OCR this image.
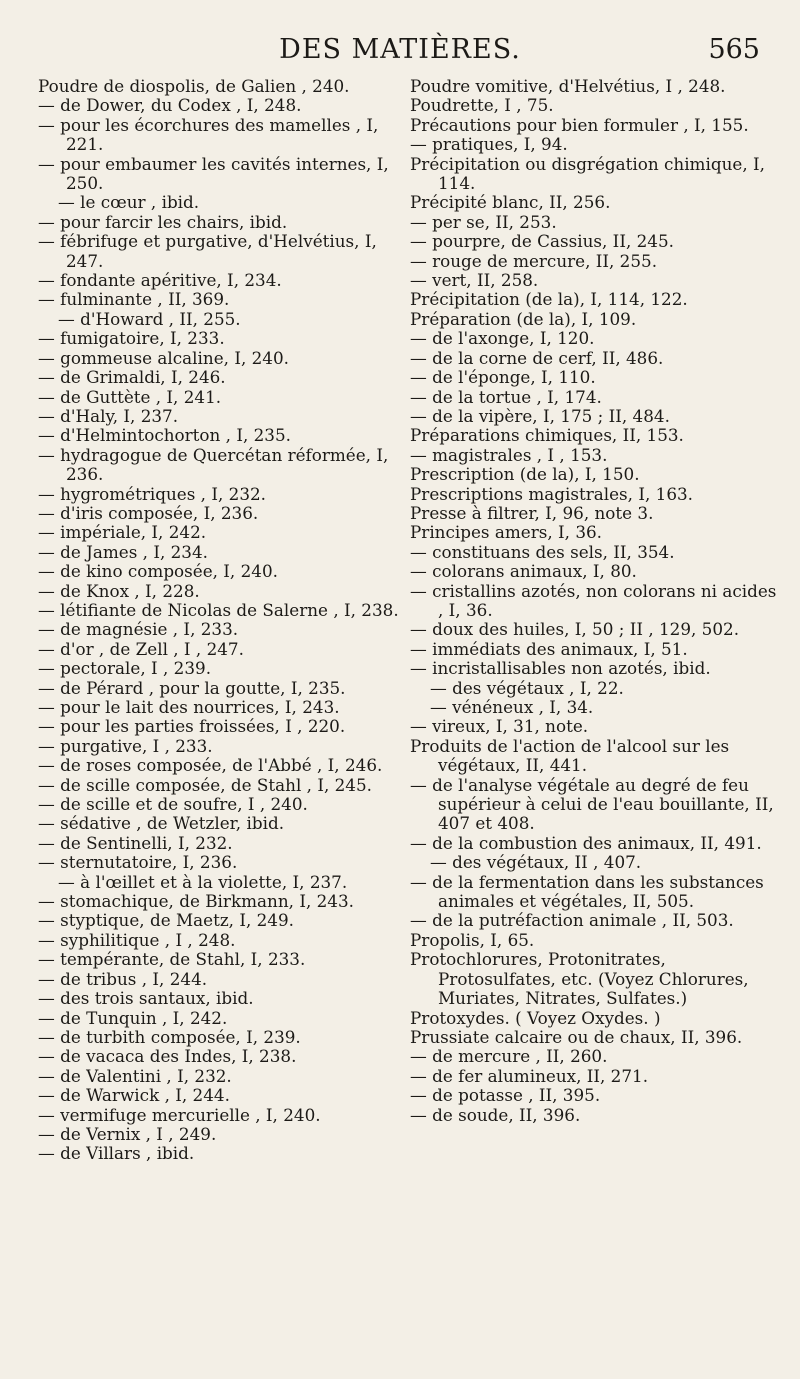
DES MATIÈRES.	565

Poudre de diospolis, de Galien , 240.

— de Dower, du Codex , I, 248.

— pour les écorchures des mamelles , I, 221.

— pour embaumer les cavités internes, I, 250.

— le cœur , ibid.

— pour farcir les chairs, ibid.

— fébrifuge et purgative, d'Helvétius, I, 247.

— fondante apéritive, I, 234.

— fulminante , II, 369.

— d'Howard , II, 255.

— fumigatoire, I, 233.

— gommeuse alcaline, I, 240.

— de Grimaldi, I, 246.

— de Guttète , I, 241.

— d'Haly, I, 237.

— d'Helmintochorton , I, 235.

— hydragogue de Quercétan réformée, I, 236.

— hygrométriques , I, 232.

— d'iris composée, I, 236.

— impériale, I, 242.

— de James , I, 234.

— de kino composée, I, 240.

— de Knox , I, 228.

— létifiante de Nicolas de Salerne , I, 238.

— de magnésie , I, 233.

— d'or , de Zell , I , 247.

— pectorale, I , 239.

— de Pérard , pour la goutte, I, 235.

— pour le lait des nourrices, I, 243.

— pour les parties froissées, I , 220.

— purgative, I , 233.

— de roses composée, de l'Abbé , I, 246.

— de scille composée, de Stahl , I, 245.

— de scille et de soufre, I , 240.

— sédative , de Wetzler, ibid.

— de Sentinelli, I, 232.

— sternutatoire, I, 236.

— à l'œillet et à la violette, I, 237.

— stomachique, de Birkmann, I, 243.

— styptique, de Maetz, I, 249.

— syphilitique , I , 248.

— tempérante, de Stahl, I, 233.

— de tribus , I, 244.

— des trois santaux, ibid.

— de Tunquin , I, 242.

— de turbith composée, I, 239.

— de vacaca des Indes, I, 238.

— de Valentini , I, 232.

— de Warwick , I, 244.

— vermifuge mercurielle , I, 240.

— de Vernix , I , 249.

— de Villars , ibid.

Poudre vomitive, d'Helvétius, I , 248.

Poudrette, I , 75.

Précautions pour bien formuler , I, 155.

— pratiques, I, 94.

Précipitation ou disgrégation chimique, I, 114.

Précipité blanc, II, 256.

— per se, II, 253.

— pourpre, de Cassius, II, 245.

— rouge de mercure, II, 255.

— vert, II, 258.

Précipitation (de la), I, 114, 122.

Préparation (de la), I, 109.

— de l'axonge, I, 120.

— de la corne de cerf, II, 486.

— de l'éponge, I, 110.

— de la tortue , I, 174.

— de la vipère, I, 175 ; II, 484.

Préparations chimiques, II, 153.

— magistrales , I , 153.

Prescription (de la), I, 150.

Prescriptions magistrales, I, 163.

Presse à filtrer, I, 96, note 3.

Principes amers, I, 36.

— constituans des sels, II, 354.

— colorans animaux, I, 80.

— cristallins azotés, non colorans ni acides , I, 36.

— doux des huiles, I, 50 ; II , 129, 502.

— immédiats des animaux, I, 51.

— incristallisables non azotés, ibid.

— des végétaux , I, 22.

— vénéneux , I, 34.

— vireux, I, 31, note.

Produits de l'action de l'alcool sur les végétaux, II, 441.

— de l'analyse végétale au degré de feu supérieur à celui de l'eau bouillante, II, 407 et 408.

— de la combustion des animaux, II, 491.

— des végétaux, II , 407.

— de la fermentation dans les substances animales et végétales, II, 505.

— de la putréfaction animale , II, 503.

Propolis, I, 65.

Protochlorures, Protonitrates, Protosulfates, etc. (Voyez Chlorures, Muriates, Nitrates, Sulfates.)

Protoxydes. ( Voyez Oxydes. )

Prussiate calcaire ou de chaux, II, 396.

— de mercure , II, 260.

— de fer alumineux, II, 271.

— de potasse , II, 395.

— de soude, II, 396.
